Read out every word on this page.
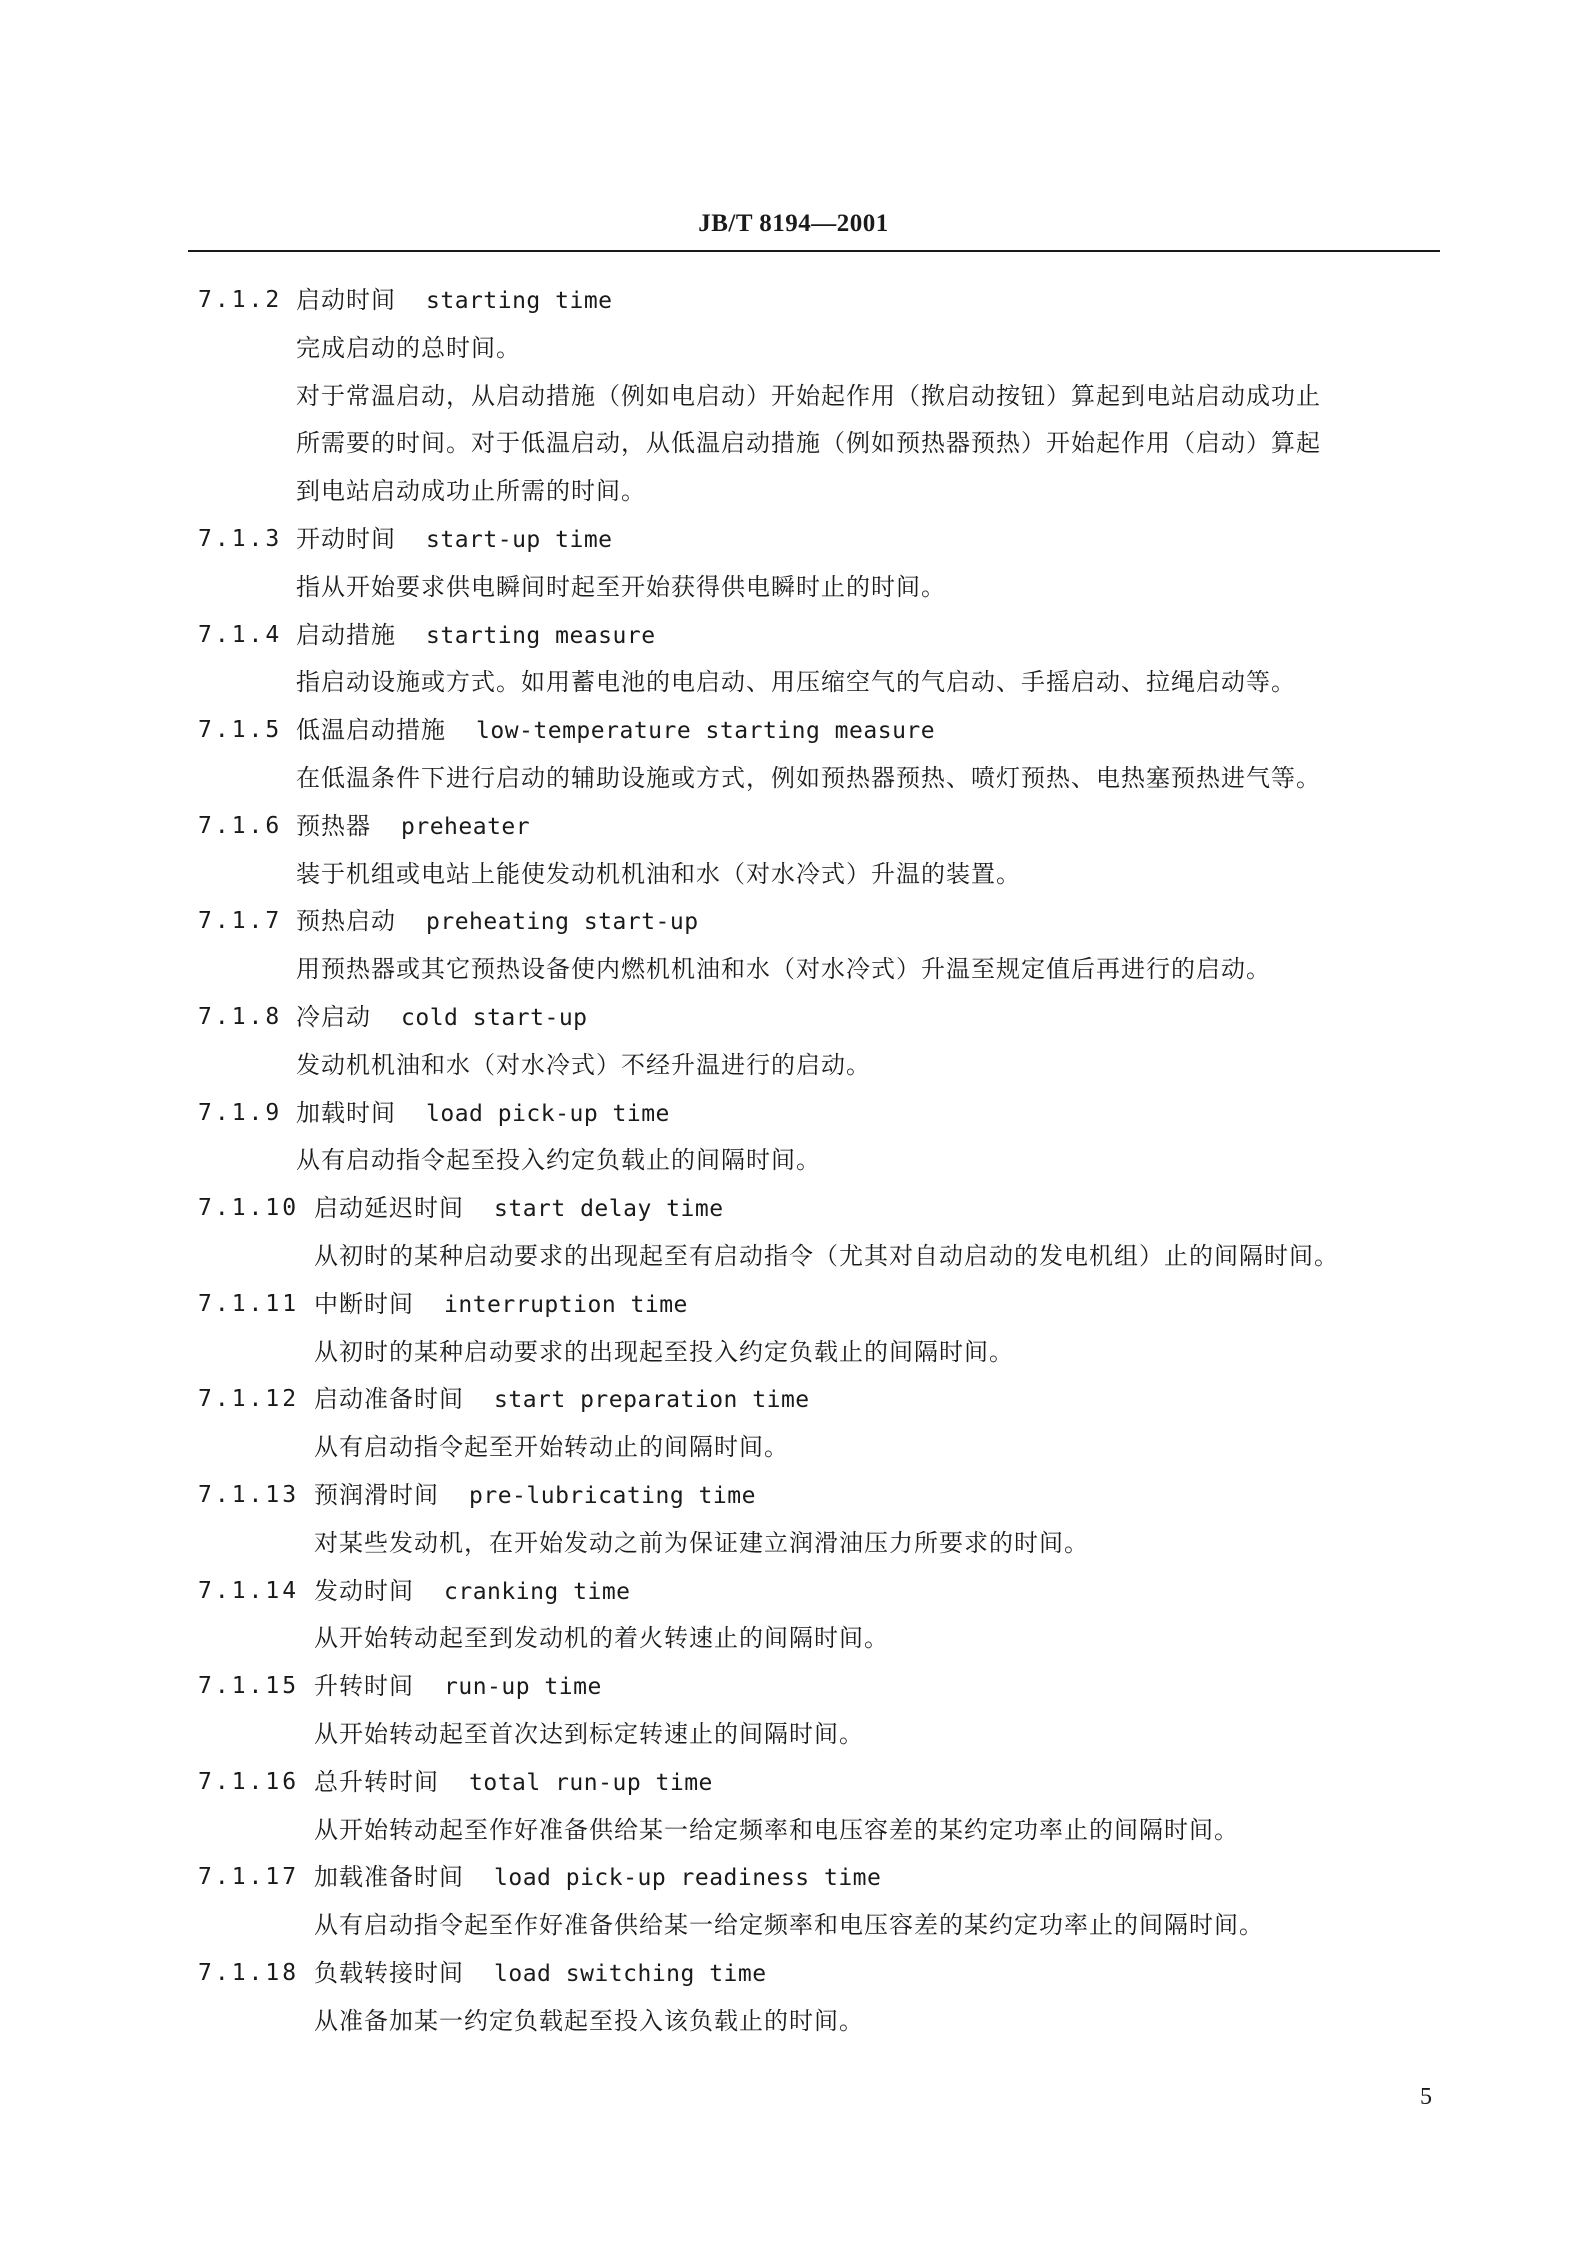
JB/T 8194—2001
7.1.2 启动时间 starting time
完成启动的总时间。
对于常温启动，从启动措施（例如电启动）开始起作用（揿启动按钮）算起到电站启动成功止
所需要的时间。对于低温启动，从低温启动措施（例如预热器预热）开始起作用（启动）算起
到电站启动成功止所需的时间。
7.1.3 开动时间 start-up time
指从开始要求供电瞬间时起至开始获得供电瞬时止的时间。
7.1.4 启动措施 starting measure
指启动设施或方式。如用蓄电池的电启动、用压缩空气的气启动、手摇启动、拉绳启动等。
7.1.5 低温启动措施 low-temperature starting measure
在低温条件下进行启动的辅助设施或方式，例如预热器预热、喷灯预热、电热塞预热进气等。
7.1.6 预热器 preheater
装于机组或电站上能使发动机机油和水（对水冷式）升温的装置。
7.1.7 预热启动 preheating start-up
用预热器或其它预热设备使内燃机机油和水（对水冷式）升温至规定值后再进行的启动。
7.1.8 冷启动 cold start-up
发动机机油和水（对水冷式）不经升温进行的启动。
7.1.9 加载时间 load pick-up time
从有启动指令起至投入约定负载止的间隔时间。
7.1.10 启动延迟时间 start delay time
从初时的某种启动要求的出现起至有启动指令（尤其对自动启动的发电机组）止的间隔时间。
7.1.11 中断时间 interruption time
从初时的某种启动要求的出现起至投入约定负载止的间隔时间。
7.1.12 启动准备时间 start preparation time
从有启动指令起至开始转动止的间隔时间。
7.1.13 预润滑时间 pre-lubricating time
对某些发动机，在开始发动之前为保证建立润滑油压力所要求的时间。
7.1.14 发动时间 cranking time
从开始转动起至到发动机的着火转速止的间隔时间。
7.1.15 升转时间 run-up time
从开始转动起至首次达到标定转速止的间隔时间。
7.1.16 总升转时间 total run-up time
从开始转动起至作好准备供给某一给定频率和电压容差的某约定功率止的间隔时间。
7.1.17 加载准备时间 load pick-up readiness time
从有启动指令起至作好准备供给某一给定频率和电压容差的某约定功率止的间隔时间。
7.1.18 负载转接时间 load switching time
从准备加某一约定负载起至投入该负载止的时间。
5
